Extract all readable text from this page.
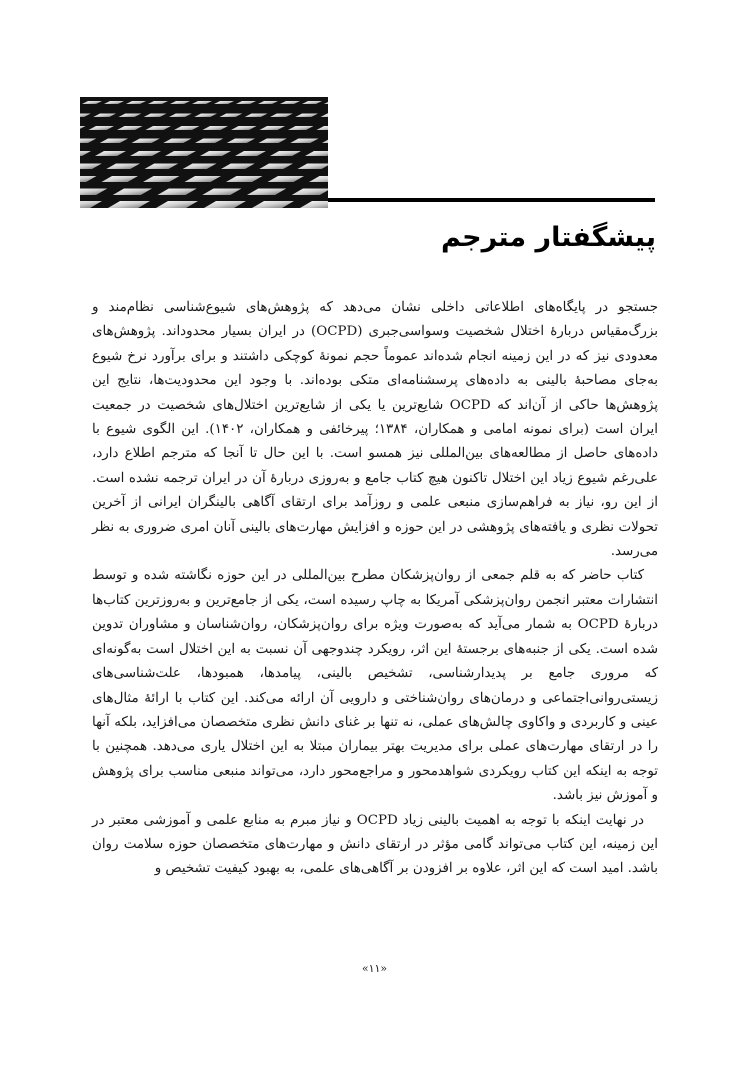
پیشگفتار مترجم

جستجو در پایگاه‌های اطلاعاتی داخلی نشان می‌دهد که پژوهش‌های شیوع‌شناسی نظام‌مند و بزرگ‌مقیاس دربارهٔ اختلال شخصیت وسواسی‌جبری (OCPD) در ایران بسیار محدوداند. پژوهش‌های معدودی نیز که در این زمینه انجام شده‌اند عموماً حجم نمونهٔ کوچکی داشتند و برای برآورد نرخ شیوع به‌جای مصاحبهٔ بالینی به داده‌های پرسشنامه‌ای متکی بوده‌اند. با وجود این محدودیت‌ها، نتایج این پژوهش‌ها حاکی از آن‌اند که OCPD شایع‌ترین یا یکی از شایع‌ترین اختلال‌های شخصیت در جمعیت ایران است (برای نمونه امامی و همکاران، ۱۳۸۴؛ پیرخائفی و همکاران، ۱۴۰۲). این الگوی شیوع با داده‌های حاصل از مطالعه‌های بین‌المللی نیز همسو است. با این حال تا آنجا که مترجم اطلاع دارد، علی‌رغم شیوع زیاد این اختلال تاکنون هیچ کتاب جامع و به‌روزی دربارهٔ آن در ایران ترجمه نشده است. از این رو، نیاز به فراهم‌سازی منبعی علمی و روزآمد برای ارتقای آگاهی بالینگران ایرانی از آخرین تحولات نظری و یافته‌های پژوهشی در این حوزه و افزایش مهارت‌های بالینی آنان امری ضروری به نظر می‌رسد.

کتاب حاضر که به قلم جمعی از روان‌پزشکان مطرح بین‌المللی در این حوزه نگاشته شده و توسط انتشارات معتبر انجمن روان‌پزشکی آمریکا به چاپ رسیده است، یکی از جامع‌ترین و به‌روزترین کتاب‌ها دربارهٔ OCPD به شمار می‌آید که به‌صورت ویژه برای روان‌پزشکان، روان‌شناسان و مشاوران تدوین شده است. یکی از جنبه‌های برجستهٔ این اثر، رویکرد چندوجهی آن نسبت به این اختلال است به‌گونه‌ای که مروری جامع بر پدیدارشناسی، تشخیص بالینی، پیامدها، همبودها، علت‌شناسی‌های زیستی‌روانی‌اجتماعی و درمان‌های روان‌شناختی و دارویی آن ارائه می‌کند. این کتاب با ارائهٔ مثال‌های عینی و کاربردی و واکاوی چالش‌های عملی، نه تنها بر غنای دانش نظری متخصصان می‌افزاید، بلکه آنها را در ارتقای مهارت‌های عملی برای مدیریت بهتر بیماران مبتلا به این اختلال یاری می‌دهد. همچنین با توجه به اینکه این کتاب رویکردی شواهدمحور و مراجع‌محور دارد، می‌تواند منبعی مناسب برای پژوهش و آموزش نیز باشد.

در نهایت اینکه با توجه به اهمیت بالینی زیاد OCPD و نیاز مبرم به منابع علمی و آموزشی معتبر در این زمینه، این کتاب می‌تواند گامی مؤثر در ارتقای دانش و مهارت‌های متخصصان حوزه سلامت روان باشد. امید است که این اثر، علاوه بر افزودن بر آگاهی‌های علمی، به بهبود کیفیت تشخیص و

«۱۱»
